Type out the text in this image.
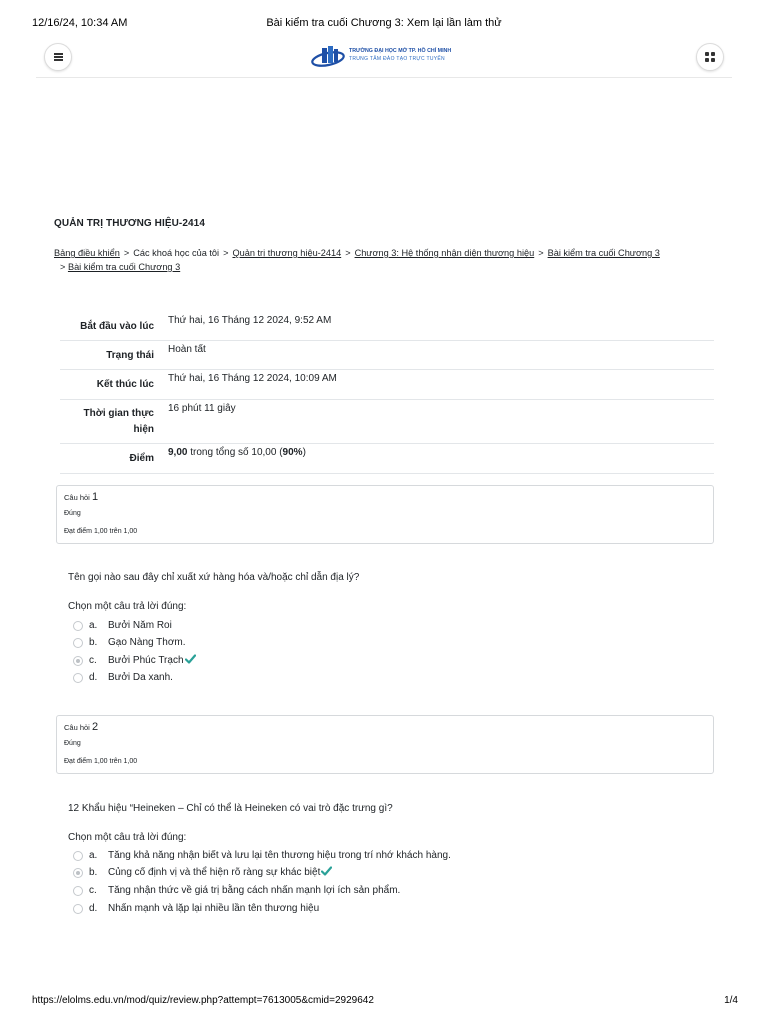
12/16/24, 10:34 AM	Bài kiểm tra cuối Chương 3: Xem lại lần làm thử
TRƯỜNG ĐẠI HỌC MỞ TP. HỒ CHÍ MINH
TRUNG TÂM ĐÀO TẠO TRỰC TUYẾN
QUẢN TRỊ THƯƠNG HIỆU-2414
Bảng điều khiển > Các khoá học của tôi > Quản trị thương hiệu-2414 > Chương 3: Hệ thống nhận diện thương hiệu > Bài kiểm tra cuối Chương 3
> Bài kiểm tra cuối Chương 3
Bắt đầu vào lúc
Thứ hai, 16 Tháng 12 2024, 9:52 AM
Trạng thái
Hoàn tất
Kết thúc lúc
Thứ hai, 16 Tháng 12 2024, 10:09 AM
Thời gian thực
hiện
16 phút 11 giây
Điểm
9,00 trong tổng số 10,00 (90%)
Câu hỏi 1
Đúng
Đạt điểm 1,00 trên 1,00
Tên gọi nào sau đây chỉ xuất xứ hàng hóa và/hoặc chỉ dẫn địa lý?
Chọn một câu trả lời đúng:
a. Bưởi Năm Roi
b. Gạo Nàng Thơm.
c. Bưởi Phúc Trạch
d. Bưởi Da xanh.
Câu hỏi 2
Đúng
Đạt điểm 1,00 trên 1,00
12 Khẩu hiệu “Heineken – Chỉ có thể là Heineken có vai trò đặc trưng gì?
Chọn một câu trả lời đúng:
a. Tăng khả năng nhận biết và lưu lại tên thương hiệu trong trí nhớ khách hàng.
b. Củng cố định vị và thể hiện rõ ràng sự khác biệt
c. Tăng nhận thức về giá trị bằng cách nhấn mạnh lợi ích sản phẩm.
d. Nhấn mạnh và lặp lại nhiều lần tên thương hiệu
https://elolms.edu.vn/mod/quiz/review.php?attempt=7613005&cmid=2929642	1/4
